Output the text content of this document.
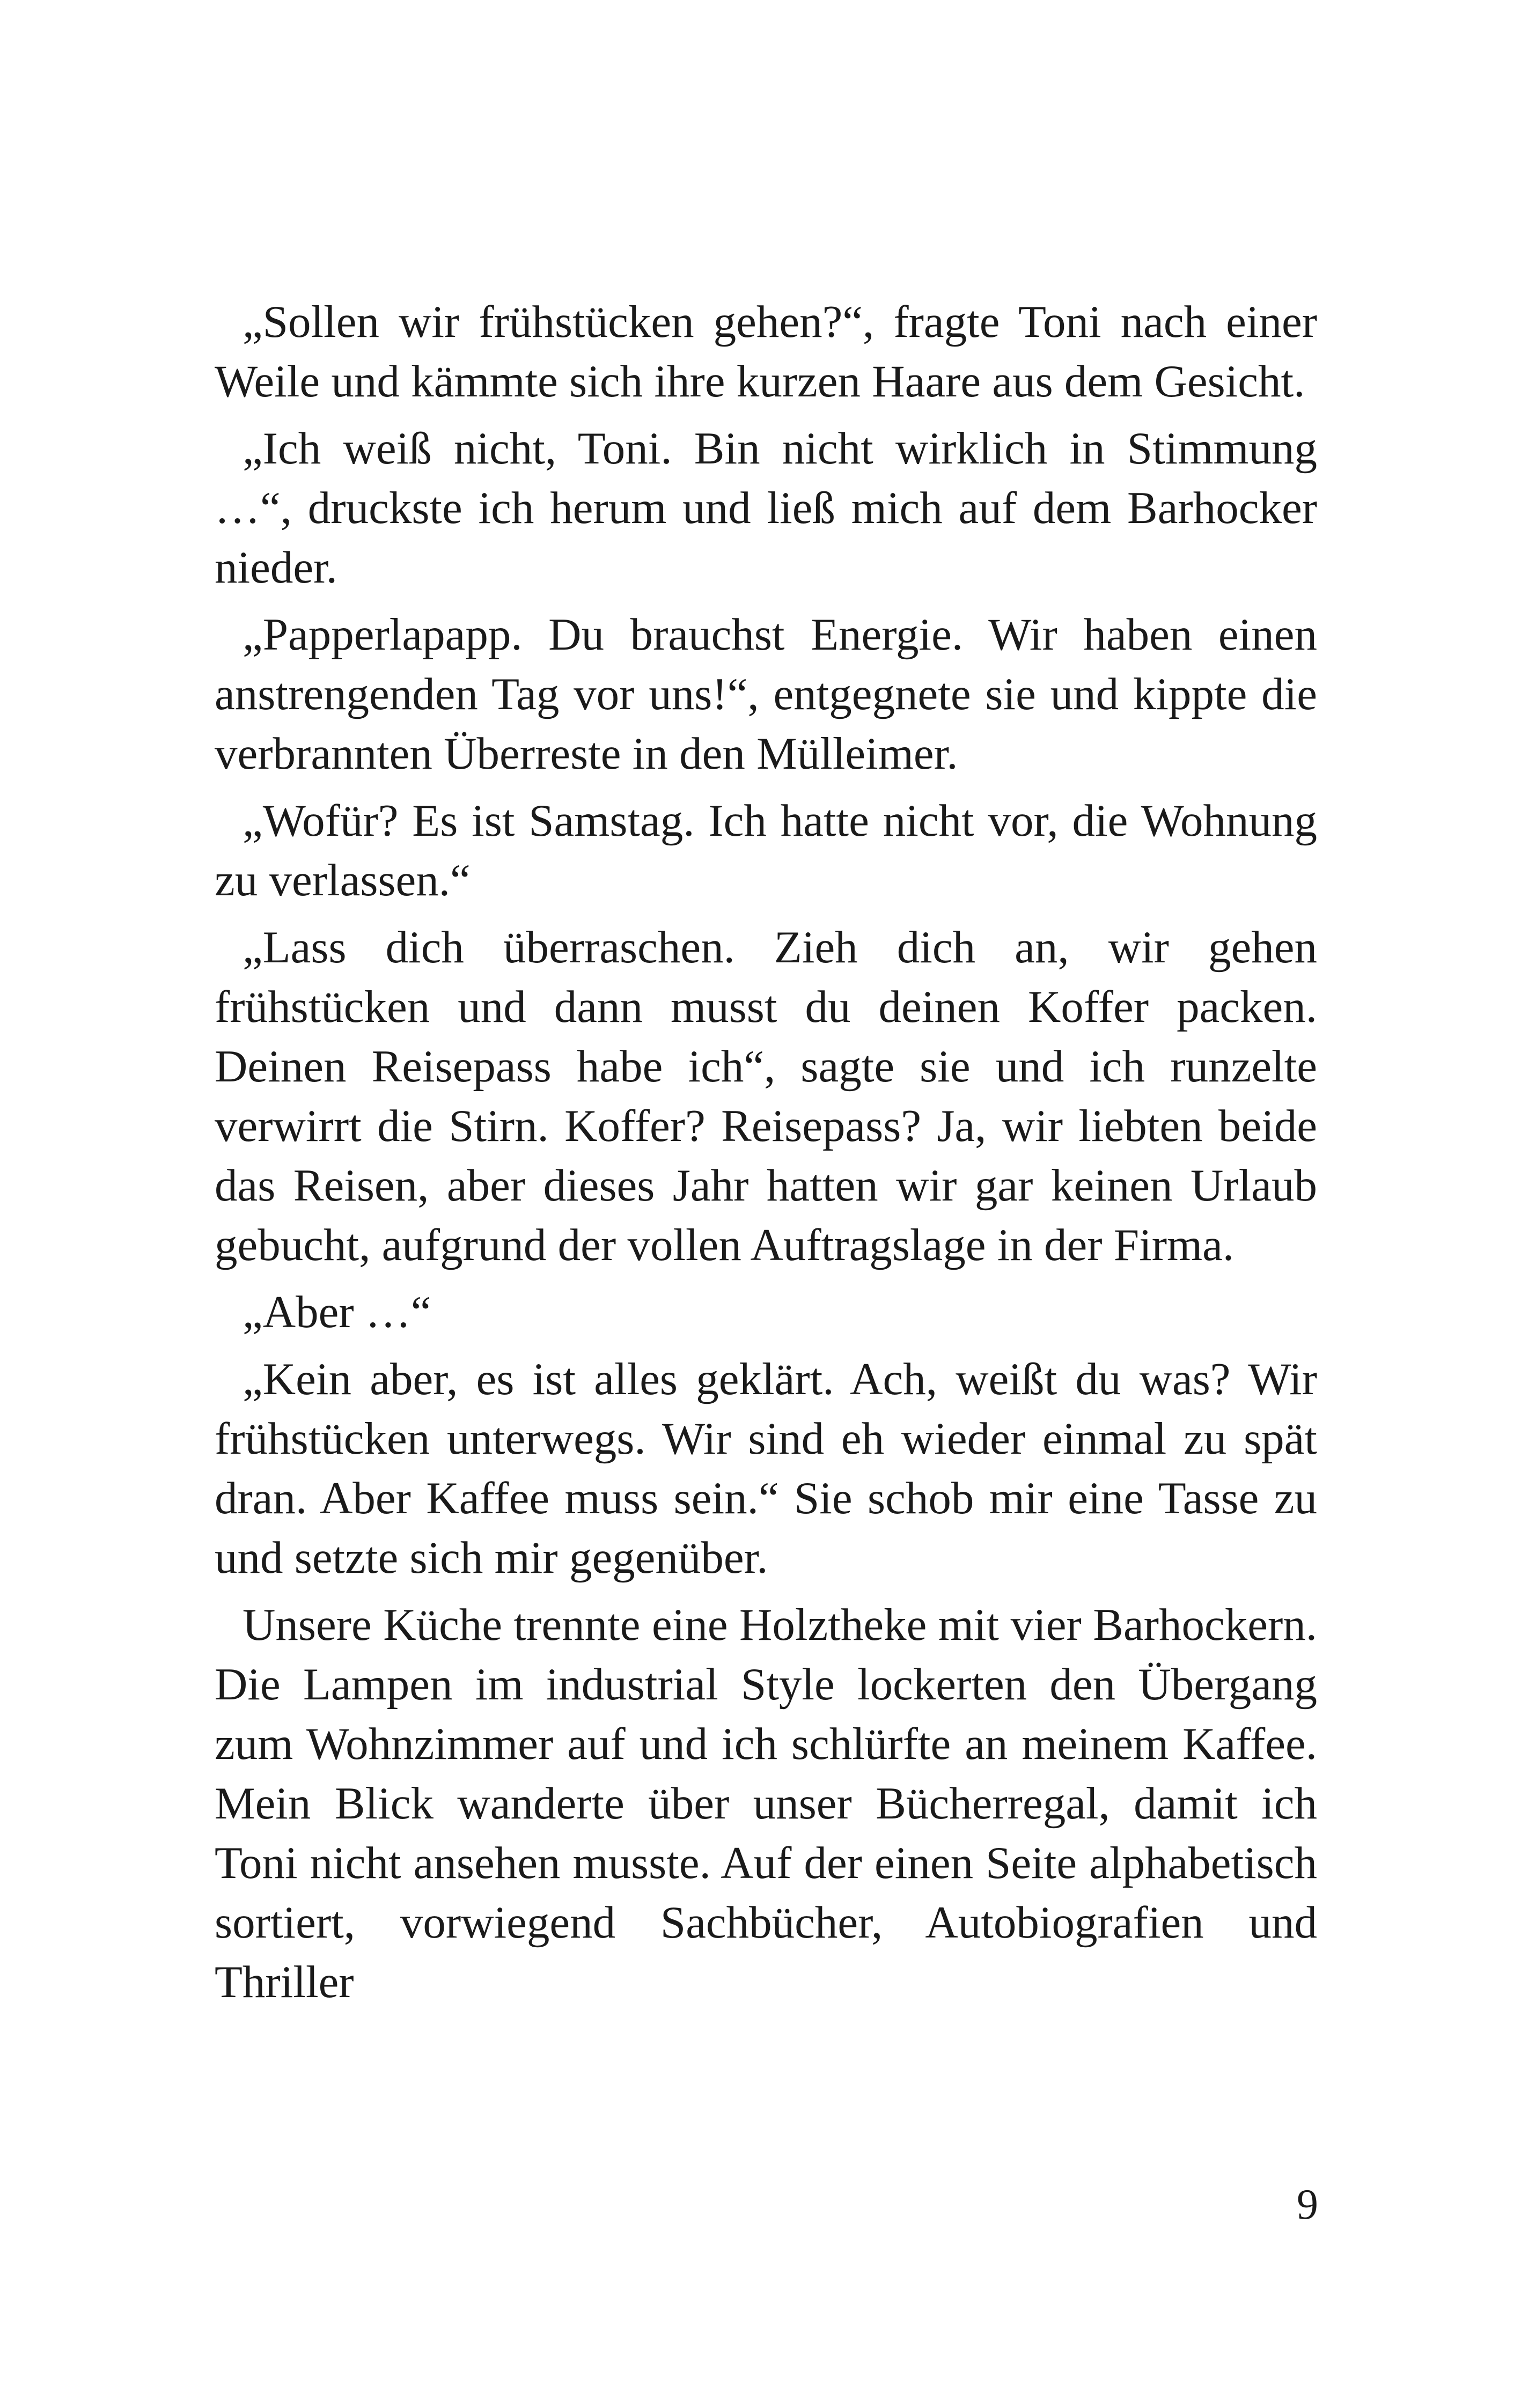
„Sollen wir frühstücken gehen?“, fragte Toni nach einer Weile und kämmte sich ihre kurzen Haare aus dem Gesicht.

„Ich weiß nicht, Toni. Bin nicht wirklich in Stimmung …“, druckste ich herum und ließ mich auf dem Barhocker nieder.

„Papperlapapp. Du brauchst Energie. Wir haben einen anstrengenden Tag vor uns!“, entgegnete sie und kippte die verbrannten Überreste in den Mülleimer.

„Wofür? Es ist Samstag. Ich hatte nicht vor, die Wohnung zu verlassen.“

„Lass dich überraschen. Zieh dich an, wir gehen frühstücken und dann musst du deinen Koffer packen. Deinen Reisepass habe ich“, sagte sie und ich runzelte verwirrt die Stirn. Koffer? Reisepass? Ja, wir liebten beide das Reisen, aber dieses Jahr hatten wir gar keinen Urlaub gebucht, aufgrund der vollen Auftragslage in der Firma.

„Aber …“

„Kein aber, es ist alles geklärt. Ach, weißt du was? Wir frühstücken unterwegs. Wir sind eh wieder einmal zu spät dran. Aber Kaffee muss sein.“ Sie schob mir eine Tasse zu und setzte sich mir gegenüber.

Unsere Küche trennte eine Holztheke mit vier Barhockern. Die Lampen im industrial Style lockerten den Übergang zum Wohnzimmer auf und ich schlürfte an meinem Kaffee. Mein Blick wanderte über unser Bücherregal, damit ich Toni nicht ansehen musste. Auf der einen Seite alphabetisch sortiert, vorwiegend Sachbücher, Autobiografien und Thriller

9
